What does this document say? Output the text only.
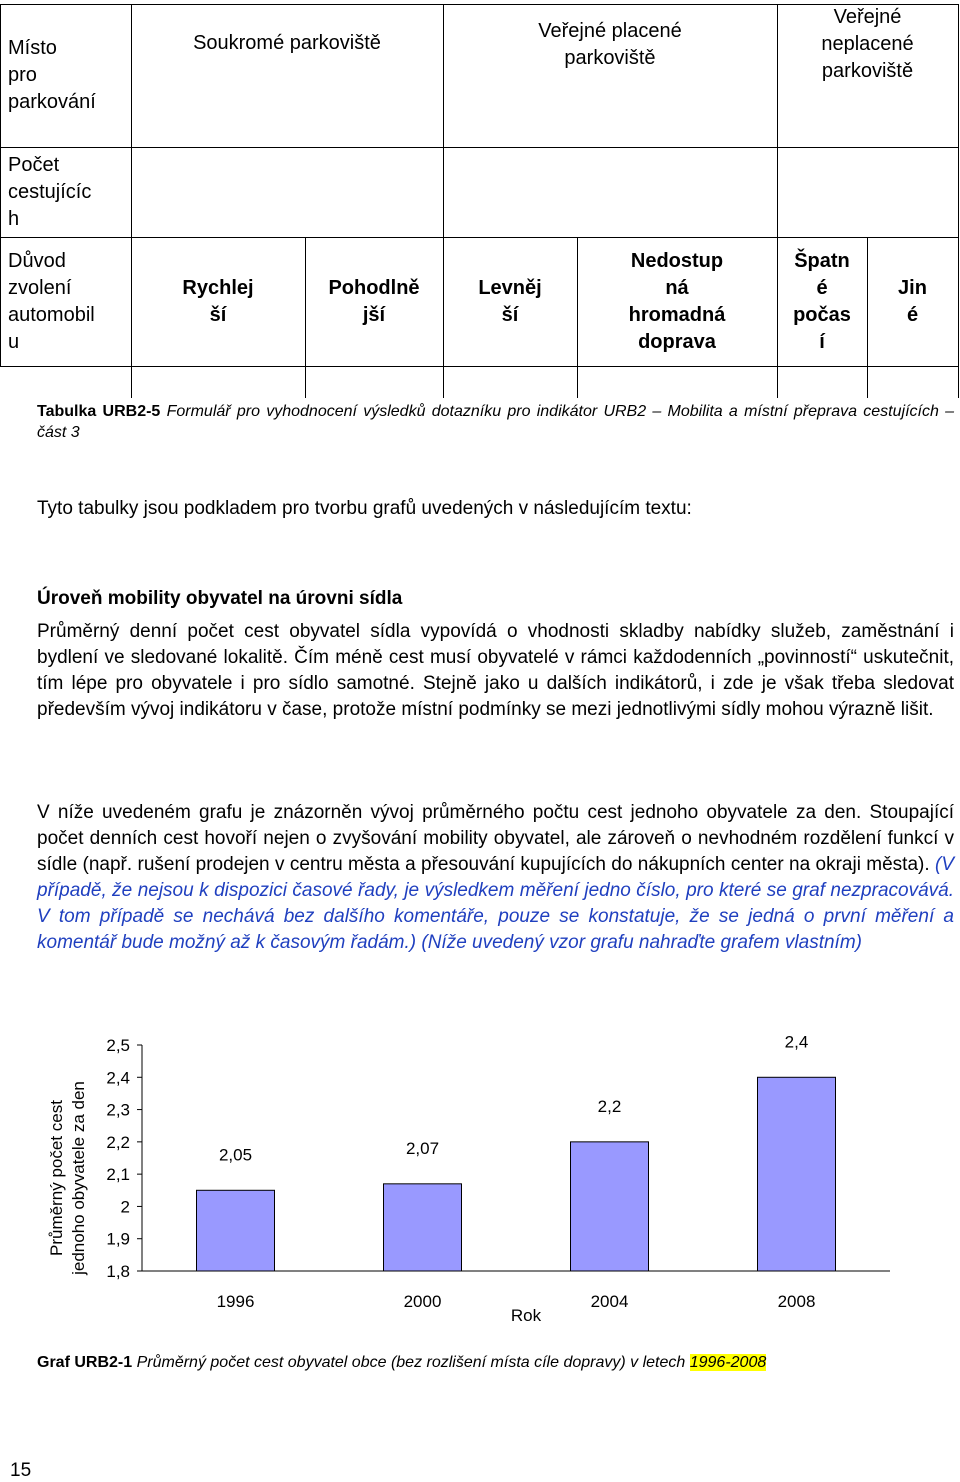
Místo
pro
parkování
Soukromé parkoviště
Veřejné placené
parkoviště
Veřejné
neplacené
parkoviště
Počet
cestujícíc
h
Důvod
zvolení
automobil
u
Rychlej
ší
Pohodlně
jší
Levněj
ší
Nedostup
ná
hromadná
doprava
Špatn
é
počas
í
Jin
é

Tabulka URB2-5 Formulář pro vyhodnocení výsledků dotazníku pro indikátor URB2 – Mobilita a místní přeprava cestujících – část 3

Tyto tabulky jsou podkladem pro tvorbu grafů uvedených v následujícím textu:

Úroveň mobility obyvatel na úrovni sídla

Průměrný denní počet cest obyvatel sídla vypovídá o vhodnosti skladby nabídky služeb, zaměstnání i bydlení ve sledované lokalitě. Čím méně cest musí obyvatelé v rámci každodenních „povinností“ uskutečnit, tím lépe pro obyvatele i pro sídlo samotné. Stejně jako u dalších indikátorů, i zde je však třeba sledovat především vývoj indikátoru v čase, protože místní podmínky se mezi jednotlivými sídly mohou výrazně lišit.

V níže uvedeném grafu je znázorněn vývoj průměrného počtu cest jednoho obyvatele za den. Stoupající počet denních cest hovoří nejen o zvyšování mobility obyvatel, ale zároveň o nevhodném rozdělení funkcí v sídle (např. rušení prodejen v centru města a přesouvání kupujících do nákupních center na okraji města). (V případě, že nejsou k dispozici časové řady, je výsledkem měření jedno číslo, pro které se graf nezpracovává. V tom případě se nechává bez dalšího komentáře, pouze se konstatuje, že se jedná o první měření a komentář bude možný až k časovým řadám.) (Níže uvedený vzor grafu nahraďte grafem vlastním)

1,8
1,9
2
2,1
2,2
2,3
2,4
2,5
2,05
1996
2,07
2000
2,2
2004
2,4
2008
Rok
Průměrný počet cest jednoho obyvatele za den

Graf URB2-1 Průměrný počet cest obyvatel obce (bez rozlišení místa cíle dopravy) v letech 1996-2008

15
